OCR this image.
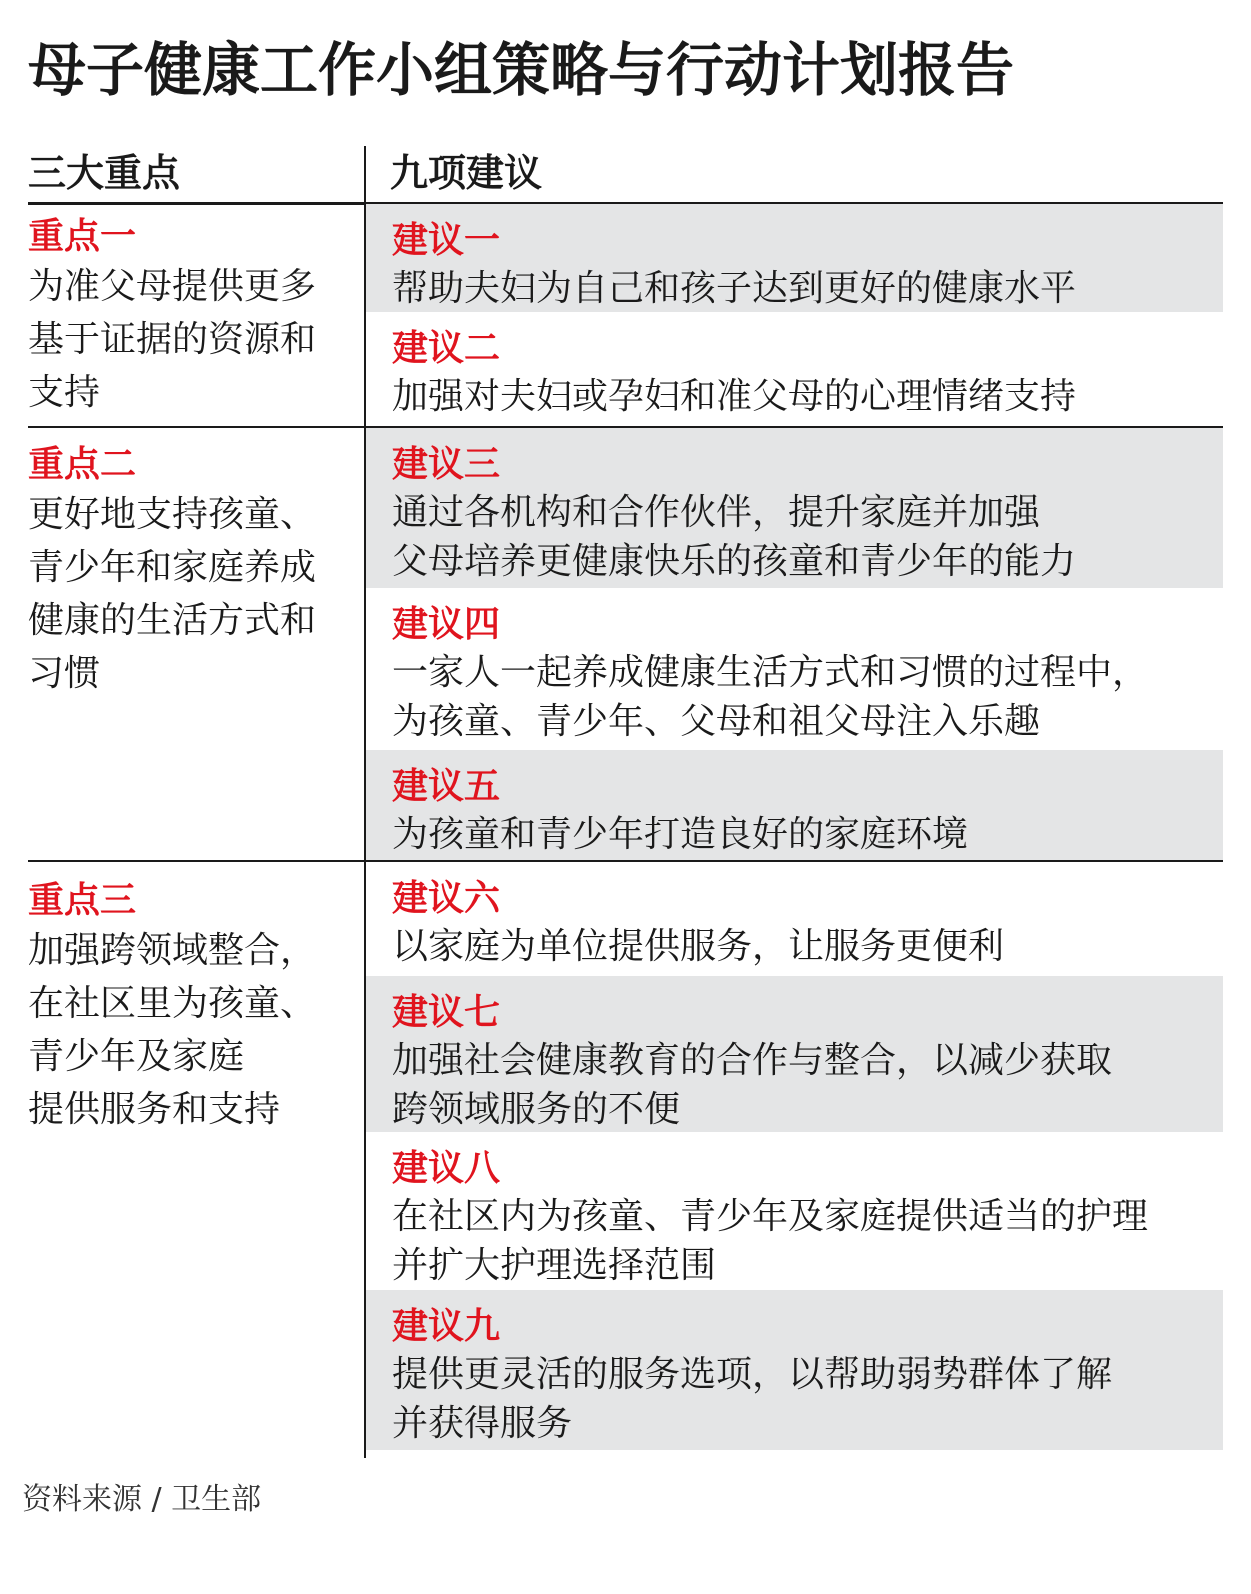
母子健康工作小组策略与行动计划报告
三大重点	九项建议
重点一
为准父母提供更多
基于证据的资源和
支持
重点二
更好地支持孩童、
青少年和家庭养成
健康的生活方式和
习惯
重点三
加强跨领域整合，
在社区里为孩童、
青少年及家庭
提供服务和支持
建议一
帮助夫妇为自己和孩子达到更好的健康水平
建议二
加强对夫妇或孕妇和准父母的心理情绪支持
建议三
通过各机构和合作伙伴，提升家庭并加强
父母培养更健康快乐的孩童和青少年的能力
建议四
一家人一起养成健康生活方式和习惯的过程中，
为孩童、青少年、父母和祖父母注入乐趣
建议五
为孩童和青少年打造良好的家庭环境
建议六
以家庭为单位提供服务，让服务更便利
建议七
加强社会健康教育的合作与整合，以减少获取
跨领域服务的不便
建议八
在社区内为孩童、青少年及家庭提供适当的护理
并扩大护理选择范围
建议九
提供更灵活的服务选项，以帮助弱势群体了解
并获得服务
资料来源 / 卫生部
